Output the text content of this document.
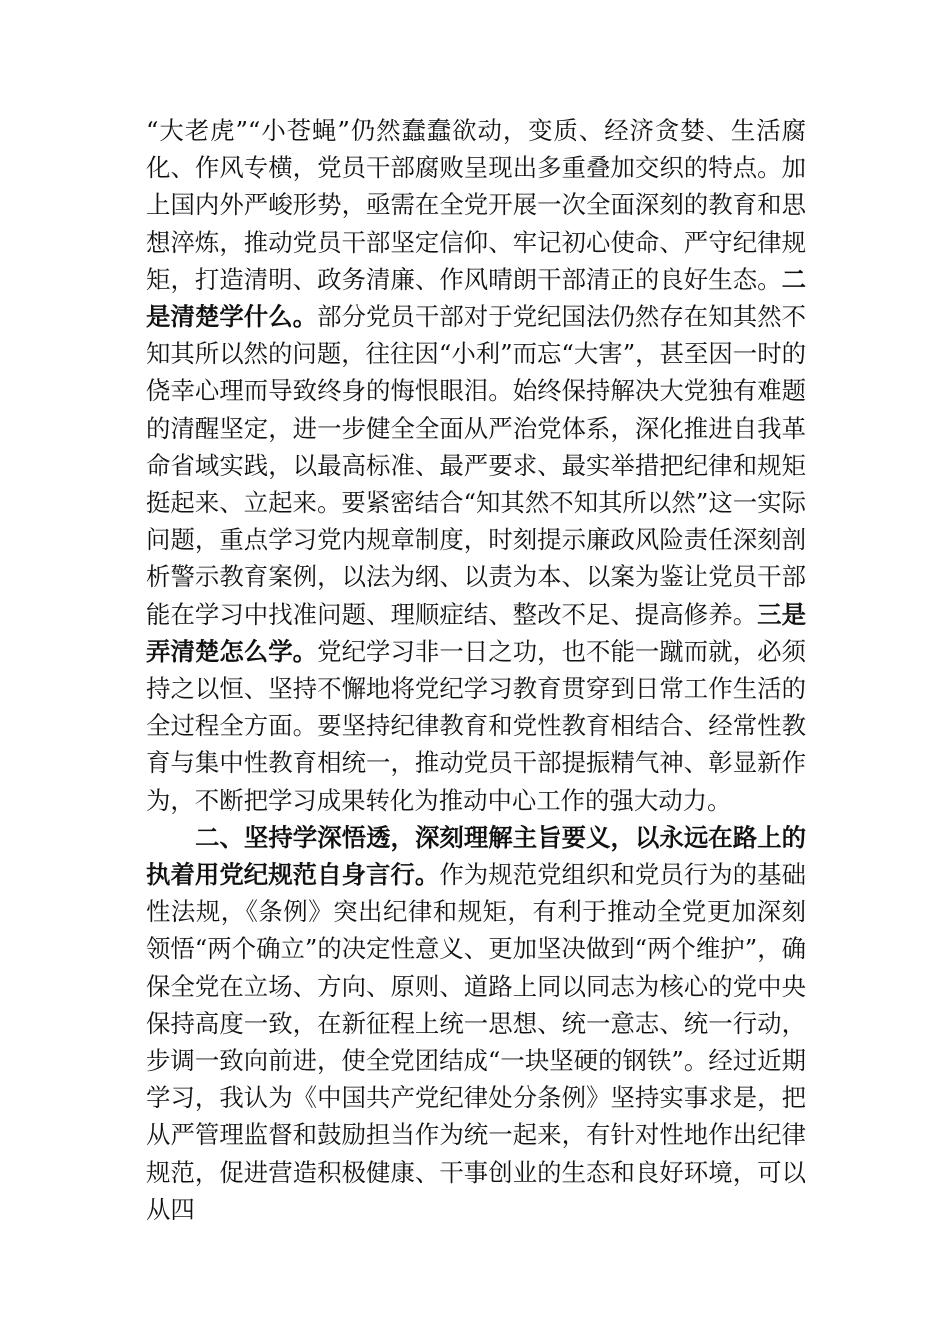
“大老虎”“小苍蝇”仍然蠢蠢欲动，变质、经济贪婪、生活腐化、作风专横，党员干部腐败呈现出多重叠加交织的特点。加上国内外严峻形势，亟需在全党开展一次全面深刻的教育和思想淬炼，推动党员干部坚定信仰、牢记初心使命、严守纪律规矩，打造清明、政务清廉、作风晴朗干部清正的良好生态。二是清楚学什么。部分党员干部对于党纪国法仍然存在知其然不知其所以然的问题，往往因“小利”而忘“大害”，甚至因一时的侥幸心理而导致终身的悔恨眼泪。始终保持解决大党独有难题的清醒坚定，进一步健全全面从严治党体系，深化推进自我革命省域实践，以最高标准、最严要求、最实举措把纪律和规矩挺起来、立起来。要紧密结合“知其然不知其所以然”这一实际问题，重点学习党内规章制度，时刻提示廉政风险责任深刻剖析警示教育案例，以法为纲、以责为本、以案为鉴让党员干部能在学习中找准问题、理顺症结、整改不足、提高修养。三是弄清楚怎么学。党纪学习非一日之功，也不能一蹴而就，必须持之以恒、坚持不懈地将党纪学习教育贯穿到日常工作生活的全过程全方面。要坚持纪律教育和党性教育相结合、经常性教育与集中性教育相统一，推动党员干部提振精气神、彰显新作为，不断把学习成果转化为推动中心工作的强大动力。

二、坚持学深悟透，深刻理解主旨要义，以永远在路上的执着用党纪规范自身言行。作为规范党组织和党员行为的基础性法规，《条例》突出纪律和规矩，有利于推动全党更加深刻领悟“两个确立”的决定性意义、更加坚决做到“两个维护”，确保全党在立场、方向、原则、道路上同以同志为核心的党中央保持高度一致，在新征程上统一思想、统一意志、统一行动，步调一致向前进，使全党团结成“一块坚硬的钢铁”。经过近期学习，我认为《中国共产党纪律处分条例》坚持实事求是，把从严管理监督和鼓励担当作为统一起来，有针对性地作出纪律规范，促进营造积极健康、干事创业的生态和良好环境，可以从四
